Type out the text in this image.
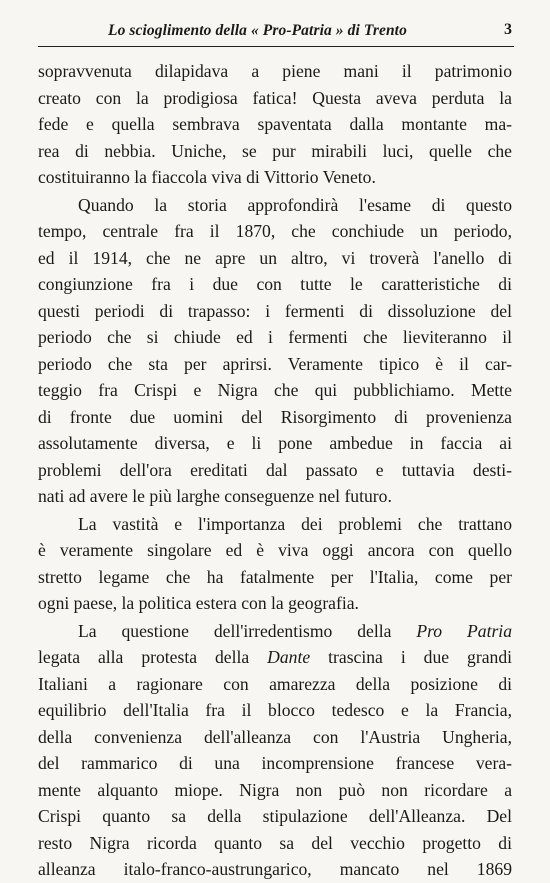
Lo scioglimento della « Pro-Patria » di Trento	3

sopravvenuta dilapidava a piene mani il patrimonio
creato con la prodigiosa fatica! Questa aveva perduta la
fede e quella sembrava spaventata dalla montante ma-
rea di nebbia. Uniche, se pur mirabili luci, quelle che
costituiranno la fiaccola viva di Vittorio Veneto.

Quando la storia approfondirà l'esame di questo
tempo, centrale fra il 1870, che conchiude un periodo,
ed il 1914, che ne apre un altro, vi troverà l'anello di
congiunzione fra i due con tutte le caratteristiche di
questi periodi di trapasso: i fermenti di dissoluzione del
periodo che si chiude ed i fermenti che lieviteranno il
periodo che sta per aprirsi. Veramente tipico è il car-
teggio fra Crispi e Nigra che qui pubblichiamo. Mette
di fronte due uomini del Risorgimento di provenienza
assolutamente diversa, e li pone ambedue in faccia ai
problemi dell'ora ereditati dal passato e tuttavia desti-
nati ad avere le più larghe conseguenze nel futuro.

La vastità e l'importanza dei problemi che trattano
è veramente singolare ed è viva oggi ancora con quello
stretto legame che ha fatalmente per l'Italia, come per
ogni paese, la politica estera con la geografia.

La questione dell'irredentismo della Pro Patria
legata alla protesta della Dante trascina i due grandi
Italiani a ragionare con amarezza della posizione di
equilibrio dell'Italia fra il blocco tedesco e la Francia,
della convenienza dell'alleanza con l'Austria Ungheria,
del rammarico di una incomprensione francese vera-
mente alquanto miope. Nigra non può non ricordare a
Crispi quanto sa della stipulazione dell'Alleanza. Del
resto Nigra ricorda quanto sa del vecchio progetto di
alleanza italo-franco-austrungarico, mancato nel 1869
